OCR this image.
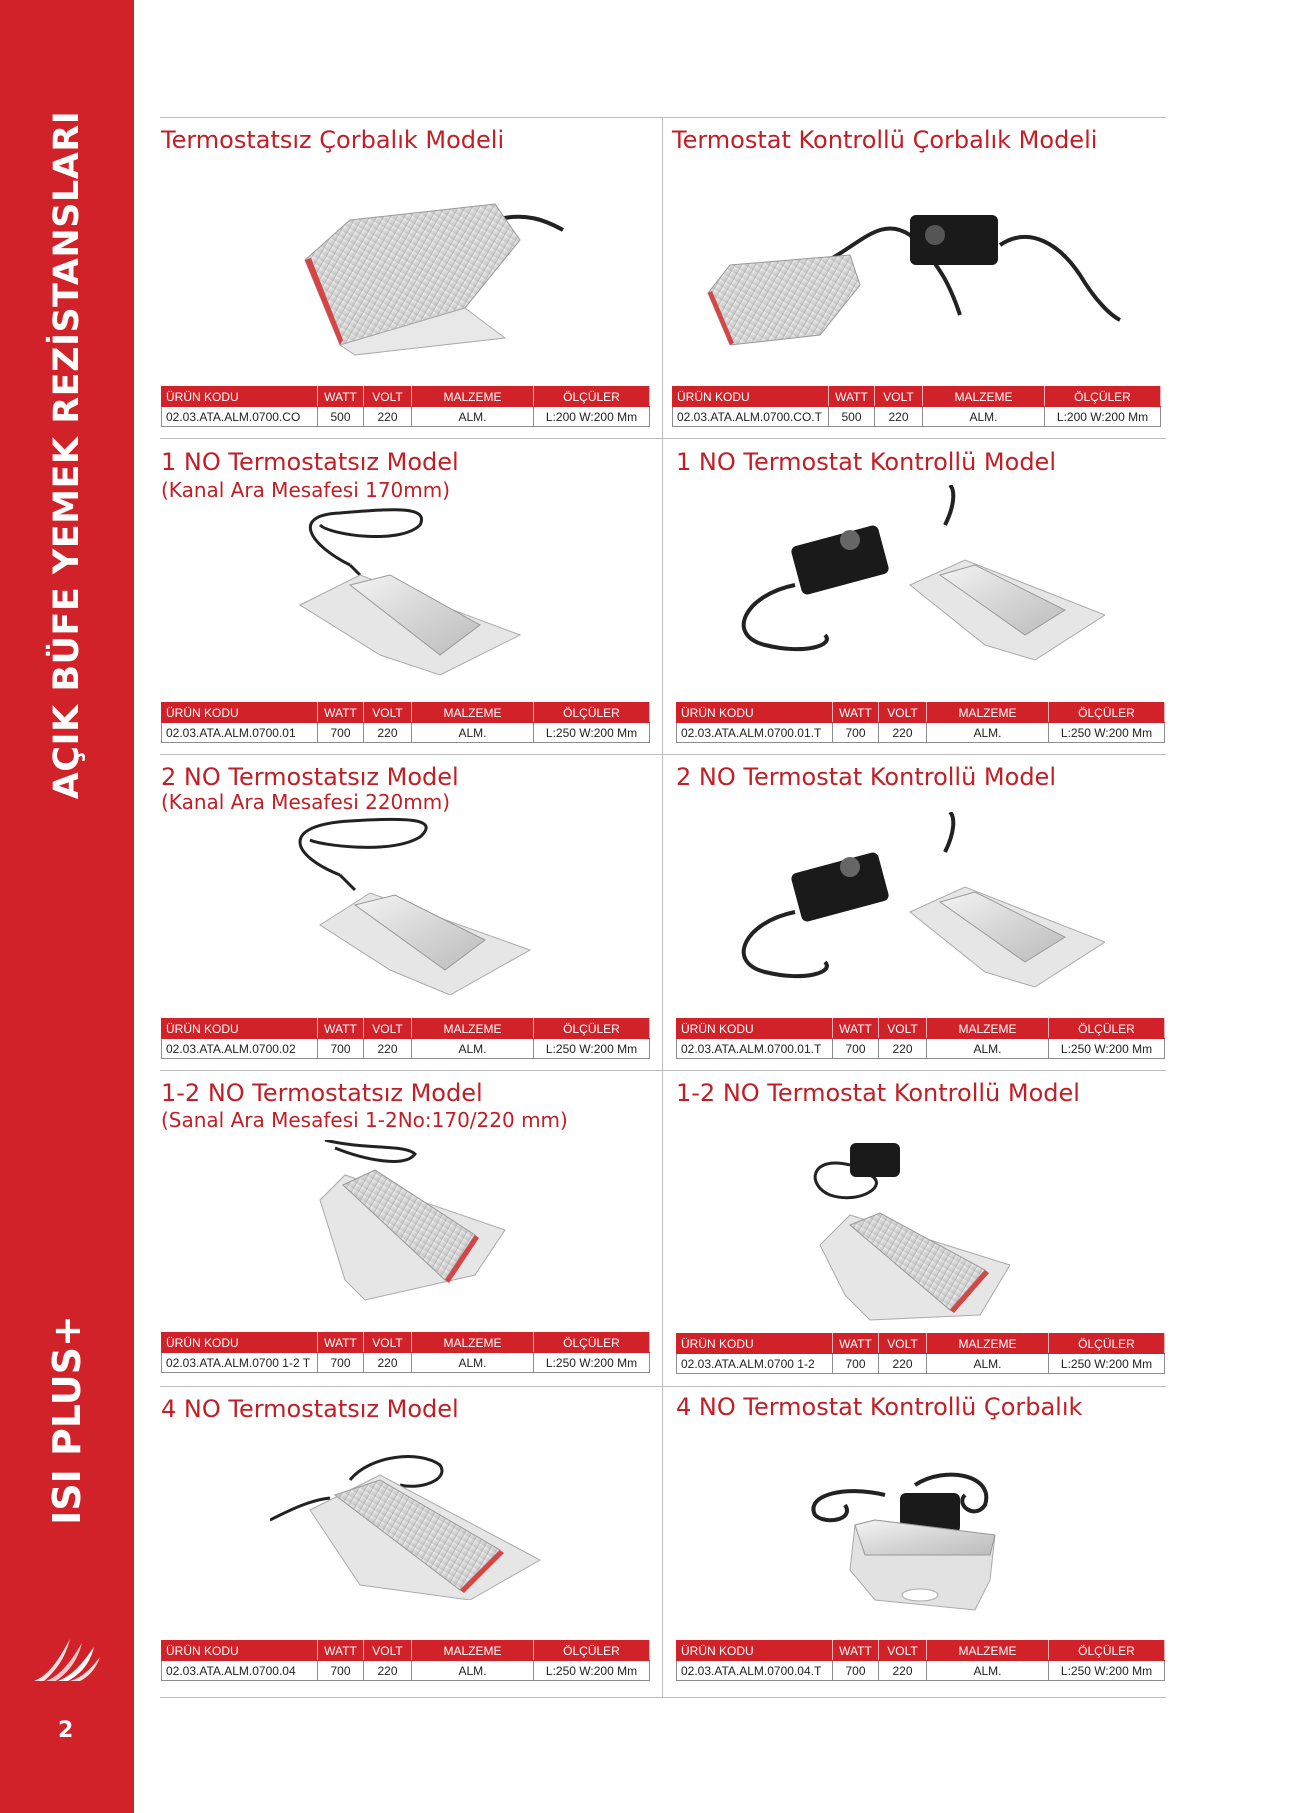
AÇIK BÜFE YEMEK REZİSTANSLARI
ISI PLUS+
2
Termostatsız Çorbalık Modeli
ÜRÜN KODU	WATT	VOLT	MALZEME	ÖLÇÜLER
02.03.ATA.ALM.0700.CO	500	220	ALM.	L:200 W:200 Mm
Termostat Kontrollü Çorbalık Modeli
ÜRÜN KODU	WATT	VOLT	MALZEME	ÖLÇÜLER
02.03.ATA.ALM.0700.CO.T	500	220	ALM.	L:200 W:200 Mm
1 NO Termostatsız Model
(Kanal Ara Mesafesi 170mm)
ÜRÜN KODU	WATT	VOLT	MALZEME	ÖLÇÜLER
02.03.ATA.ALM.0700.01	700	220	ALM.	L:250 W:200 Mm
1 NO Termostat Kontrollü Model
ÜRÜN KODU	WATT	VOLT	MALZEME	ÖLÇÜLER
02.03.ATA.ALM.0700.01.T	700	220	ALM.	L:250 W:200 Mm
2 NO Termostatsız Model
(Kanal Ara Mesafesi 220mm)
ÜRÜN KODU	WATT	VOLT	MALZEME	ÖLÇÜLER
02.03.ATA.ALM.0700.02	700	220	ALM.	L:250 W:200 Mm
2 NO Termostat Kontrollü Model
ÜRÜN KODU	WATT	VOLT	MALZEME	ÖLÇÜLER
02.03.ATA.ALM.0700.01.T	700	220	ALM.	L:250 W:200 Mm
1-2 NO Termostatsız Model
(Sanal Ara Mesafesi 1-2No:170/220 mm)
ÜRÜN KODU	WATT	VOLT	MALZEME	ÖLÇÜLER
02.03.ATA.ALM.0700 1-2 T	700	220	ALM.	L:250 W:200 Mm
1-2 NO Termostat Kontrollü Model
ÜRÜN KODU	WATT	VOLT	MALZEME	ÖLÇÜLER
02.03.ATA.ALM.0700 1-2	700	220	ALM.	L:250 W:200 Mm
4 NO Termostatsız Model
ÜRÜN KODU	WATT	VOLT	MALZEME	ÖLÇÜLER
02.03.ATA.ALM.0700.04	700	220	ALM.	L:250 W:200 Mm
4 NO Termostat Kontrollü Çorbalık
ÜRÜN KODU	WATT	VOLT	MALZEME	ÖLÇÜLER
02.03.ATA.ALM.0700.04.T	700	220	ALM.	L:250 W:200 Mm
